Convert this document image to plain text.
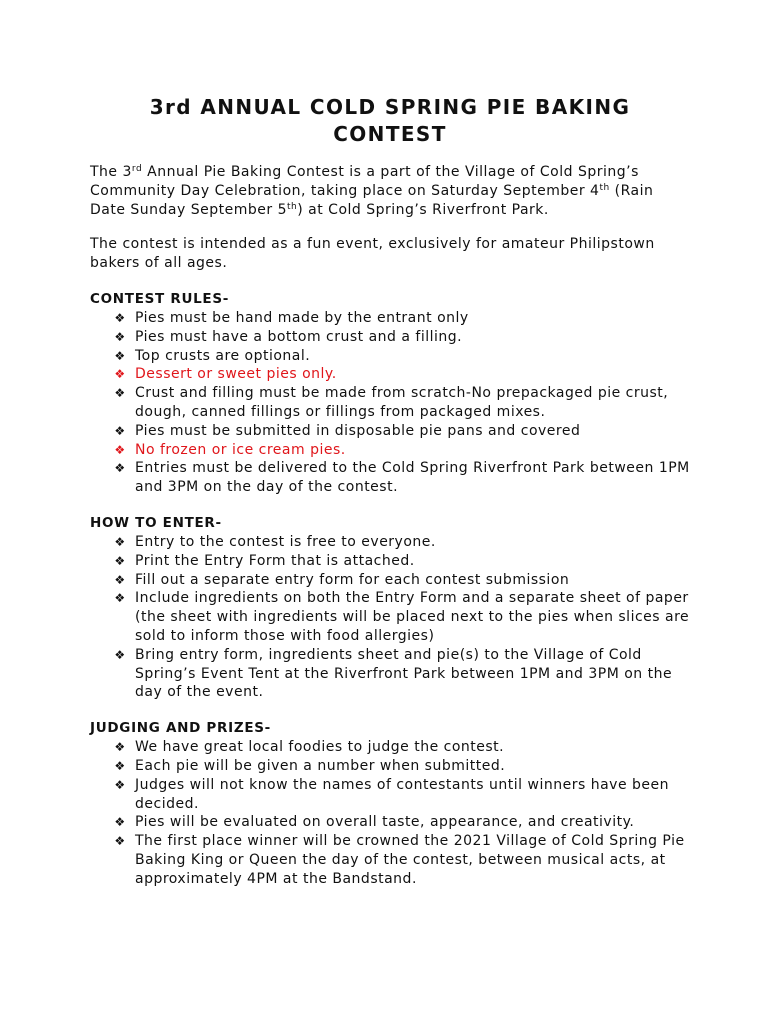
3rd ANNUAL COLD SPRING PIE BAKING
CONTEST

The 3rd Annual Pie Baking Contest is a part of the Village of Cold Spring’s Community Day Celebration, taking place on Saturday September 4th (Rain Date Sunday September 5th) at Cold Spring’s Riverfront Park.

The contest is intended as a fun event, exclusively for amateur Philipstown bakers of all ages.

CONTEST RULES-
❖ Pies must be hand made by the entrant only
❖ Pies must have a bottom crust and a filling.
❖ Top crusts are optional.
❖ Dessert or sweet pies only.
❖ Crust and filling must be made from scratch-No prepackaged pie crust, dough, canned fillings or fillings from packaged mixes.
❖ Pies must be submitted in disposable pie pans and covered
❖ No frozen or ice cream pies.
❖ Entries must be delivered to the Cold Spring Riverfront Park between 1PM and 3PM on the day of the contest.
HOW TO ENTER-
❖ Entry to the contest is free to everyone.
❖ Print the Entry Form that is attached.
❖ Fill out a separate entry form for each contest submission
❖ Include ingredients on both the Entry Form and a separate sheet of paper (the sheet with ingredients will be placed next to the pies when slices are sold to inform those with food allergies)
❖ Bring entry form, ingredients sheet and pie(s) to the Village of Cold Spring’s Event Tent at the Riverfront Park between 1PM and 3PM on the day of the event.
JUDGING AND PRIZES-
❖ We have great local foodies to judge the contest.
❖ Each pie will be given a number when submitted.
❖ Judges will not know the names of contestants until winners have been decided.
❖ Pies will be evaluated on overall taste, appearance, and creativity.
❖ The first place winner will be crowned the 2021 Village of Cold Spring Pie Baking King or Queen the day of the contest, between musical acts, at approximately 4PM at the Bandstand.
